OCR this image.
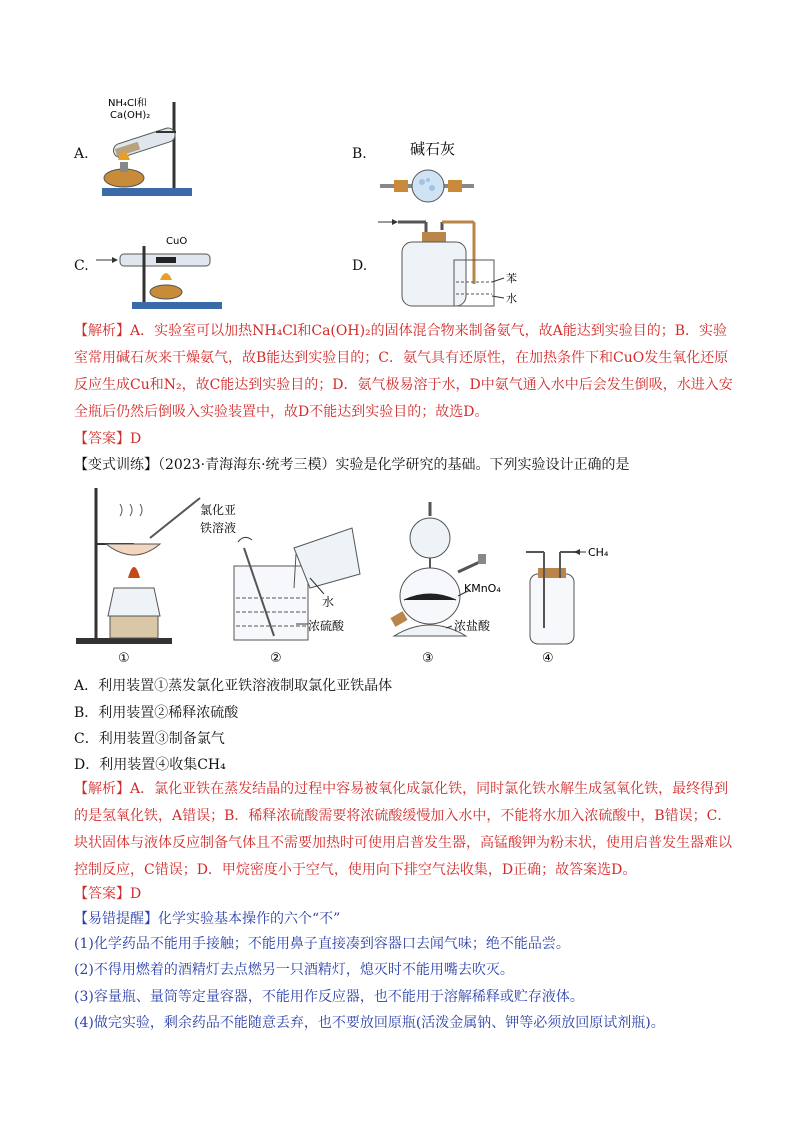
A.
NH₄Cl和
Ca(OH)₂
B.	碱石灰
C.
CuO
D.
苯
水
【解析】A．实验室可以加热NH₄Cl和Ca(OH)₂的固体混合物来制备氨气，故A能达到实验目的；B．实验室常用碱石灰来干燥氨气，故B能达到实验目的；C．氨气具有还原性，在加热条件下和CuO发生氧化还原反应生成Cu和N₂，故C能达到实验目的；D．氨气极易溶于水，D中氨气通入水中后会发生倒吸，水进入安全瓶后仍然后倒吸入实验装置中，故D不能达到实验目的；故选D。
【答案】D
【变式训练】（2023·青海海东·统考三模）实验是化学研究的基础。下列实验设计正确的是
氯化亚
铁溶液
①
水
浓硫酸
②
KMnO₄
浓盐酸
③
CH₄
④
A．利用装置①蒸发氯化亚铁溶液制取氯化亚铁晶体
B．利用装置②稀释浓硫酸
C．利用装置③制备氯气
D．利用装置④收集CH₄
【解析】A．氯化亚铁在蒸发结晶的过程中容易被氧化成氯化铁，同时氯化铁水解生成氢氧化铁，最终得到的是氢氧化铁，A错误；B．稀释浓硫酸需要将浓硫酸缓慢加入水中，不能将水加入浓硫酸中，B错误；C．块状固体与液体反应制备气体且不需要加热时可使用启普发生器，高锰酸钾为粉末状，使用启普发生器难以控制反应，C错误；D．甲烷密度小于空气，使用向下排空气法收集，D正确；故答案选D。
【答案】D
【易错提醒】化学实验基本操作的六个“不”
(1)化学药品不能用手接触；不能用鼻子直接凑到容器口去闻气味；绝不能品尝。
(2)不得用燃着的酒精灯去点燃另一只酒精灯，熄灭时不能用嘴去吹灭。
(3)容量瓶、量筒等定量容器，不能用作反应器，也不能用于溶解稀释或贮存液体。
(4)做完实验，剩余药品不能随意丢弃，也不要放回原瓶(活泼金属钠、钾等必须放回原试剂瓶)。
